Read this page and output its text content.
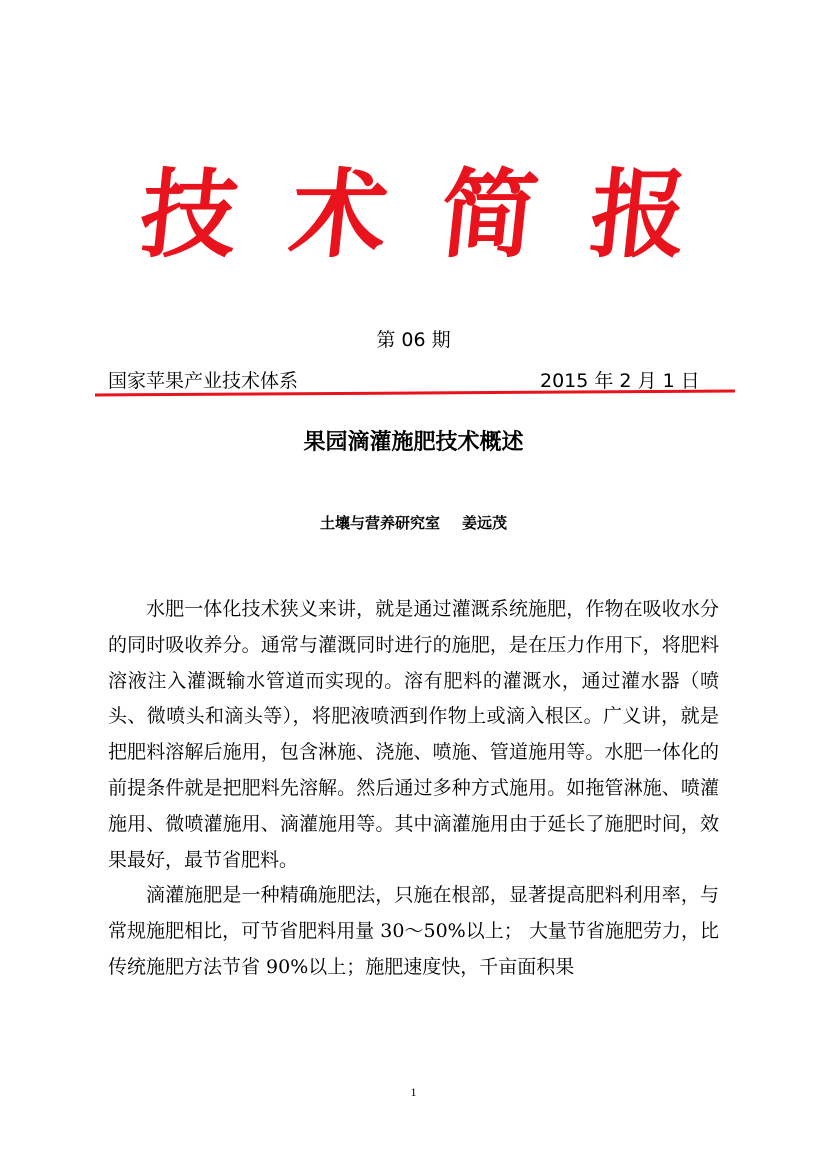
技 术 简 报
第 06 期
国家苹果产业技术体系	2015 年 2 月 1 日
果园滴灌施肥技术概述
土壤与营养研究室 姜远茂

水肥一体化技术狭义来讲，就是通过灌溉系统施肥，作物在吸收水分的同时吸收养分。通常与灌溉同时进行的施肥，是在压力作用下，将肥料溶液注入灌溉输水管道而实现的。溶有肥料的灌溉水，通过灌水器（喷头、微喷头和滴头等），将肥液喷洒到作物上或滴入根区。广义讲，就是把肥料溶解后施用，包含淋施、浇施、喷施、管道施用等。水肥一体化的前提条件就是把肥料先溶解。然后通过多种方式施用。如拖管淋施、喷灌施用、微喷灌施用、滴灌施用等。其中滴灌施用由于延长了施肥时间，效果最好，最节省肥料。

滴灌施肥是一种精确施肥法，只施在根部，显著提高肥料利用率，与常规施肥相比，可节省肥料用量 30～50%以上； 大量节省施肥劳力，比传统施肥方法节省 90%以上；施肥速度快，千亩面积果

1
